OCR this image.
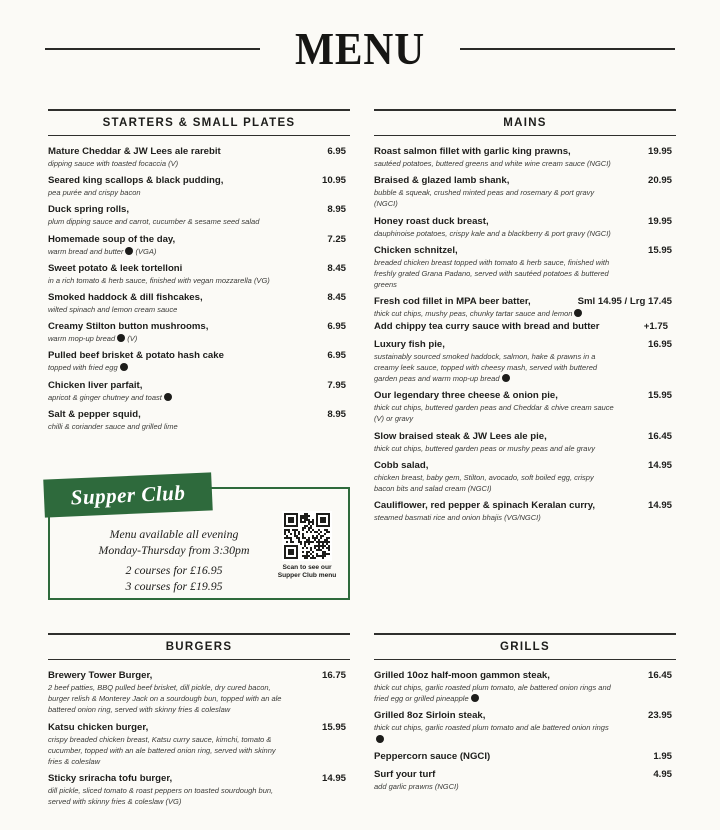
MENU
STARTERS & SMALL PLATES
Mature Cheddar & JW Lees ale rarebit	6.95
dipping sauce with toasted focaccia (V)
Seared king scallops & black pudding,	10.95
pea purée and crispy bacon
Duck spring rolls,	8.95
plum dipping sauce and carrot, cucumber & sesame seed salad
Homemade soup of the day,	7.25
warm bread and butter (VGA)
Sweet potato & leek tortelloni	8.45
in a rich tomato & herb sauce, finished with vegan mozzarella (VG)
Smoked haddock & dill fishcakes,	8.45
wilted spinach and lemon cream sauce
Creamy Stilton button mushrooms,	6.95
warm mop-up bread (V)
Pulled beef brisket & potato hash cake	6.95
topped with fried egg
Chicken liver parfait,	7.95
apricot & ginger chutney and toast
Salt & pepper squid,	8.95
chilli & coriander sauce and grilled lime
Supper Club
Menu available all evening
Monday-Thursday from 3:30pm
2 courses for £16.95
3 courses for £19.95
Scan to see our Supper Club menu
MAINS
Roast salmon fillet with garlic king prawns,	19.95
sautéed potatoes, buttered greens and white wine cream sauce (NGCI)
Braised & glazed lamb shank,	20.95
bubble & squeak, crushed minted peas and rosemary & port gravy (NGCI)
Honey roast duck breast,	19.95
dauphinoise potatoes, crispy kale and a blackberry & port gravy (NGCI)
Chicken schnitzel,	15.95
breaded chicken breast topped with tomato & herb sauce, finished with freshly grated Grana Padano, served with sautéed potatoes & buttered greens
Fresh cod fillet in MPA beer batter,	Sml 14.95 / Lrg 17.45
thick cut chips, mushy peas, chunky tartar sauce and lemon
Add chippy tea curry sauce with bread and butter	+1.75
Luxury fish pie,	16.95
sustainably sourced smoked haddock, salmon, hake & prawns in a creamy leek sauce, topped with cheesy mash, served with buttered garden peas and warm mop-up bread
Our legendary three cheese & onion pie,	15.95
thick cut chips, buttered garden peas and Cheddar & chive cream sauce (V) or gravy
Slow braised steak & JW Lees ale pie,	16.45
thick cut chips, buttered garden peas or mushy peas and ale gravy
Cobb salad,	14.95
chicken breast, baby gem, Stilton, avocado, soft boiled egg, crispy bacon bits and salad cream (NGCI)
Cauliflower, red pepper & spinach Keralan curry,	14.95
steamed basmati rice and onion bhajis (VG/NGCI)
BURGERS
Brewery Tower Burger,	16.75
2 beef patties, BBQ pulled beef brisket, dill pickle, dry cured bacon, burger relish & Monterey Jack on a sourdough bun, topped with an ale battered onion ring, served with skinny fries & coleslaw
Katsu chicken burger,	15.95
crispy breaded chicken breast, Katsu curry sauce, kimchi, tomato & cucumber, topped with an ale battered onion ring, served with skinny fries & coleslaw
Sticky sriracha tofu burger,	14.95
dill pickle, sliced tomato & roast peppers on toasted sourdough bun, served with skinny fries & coleslaw (VG)
GRILLS
Grilled 10oz half-moon gammon steak,	16.45
thick cut chips, garlic roasted plum tomato, ale battered onion rings and fried egg or grilled pineapple
Grilled 8oz Sirloin steak,	23.95
thick cut chips, garlic roasted plum tomato and ale battered onion rings
Peppercorn sauce (NGCI)	1.95
Surf your turf	4.95
add garlic prawns (NGCI)
